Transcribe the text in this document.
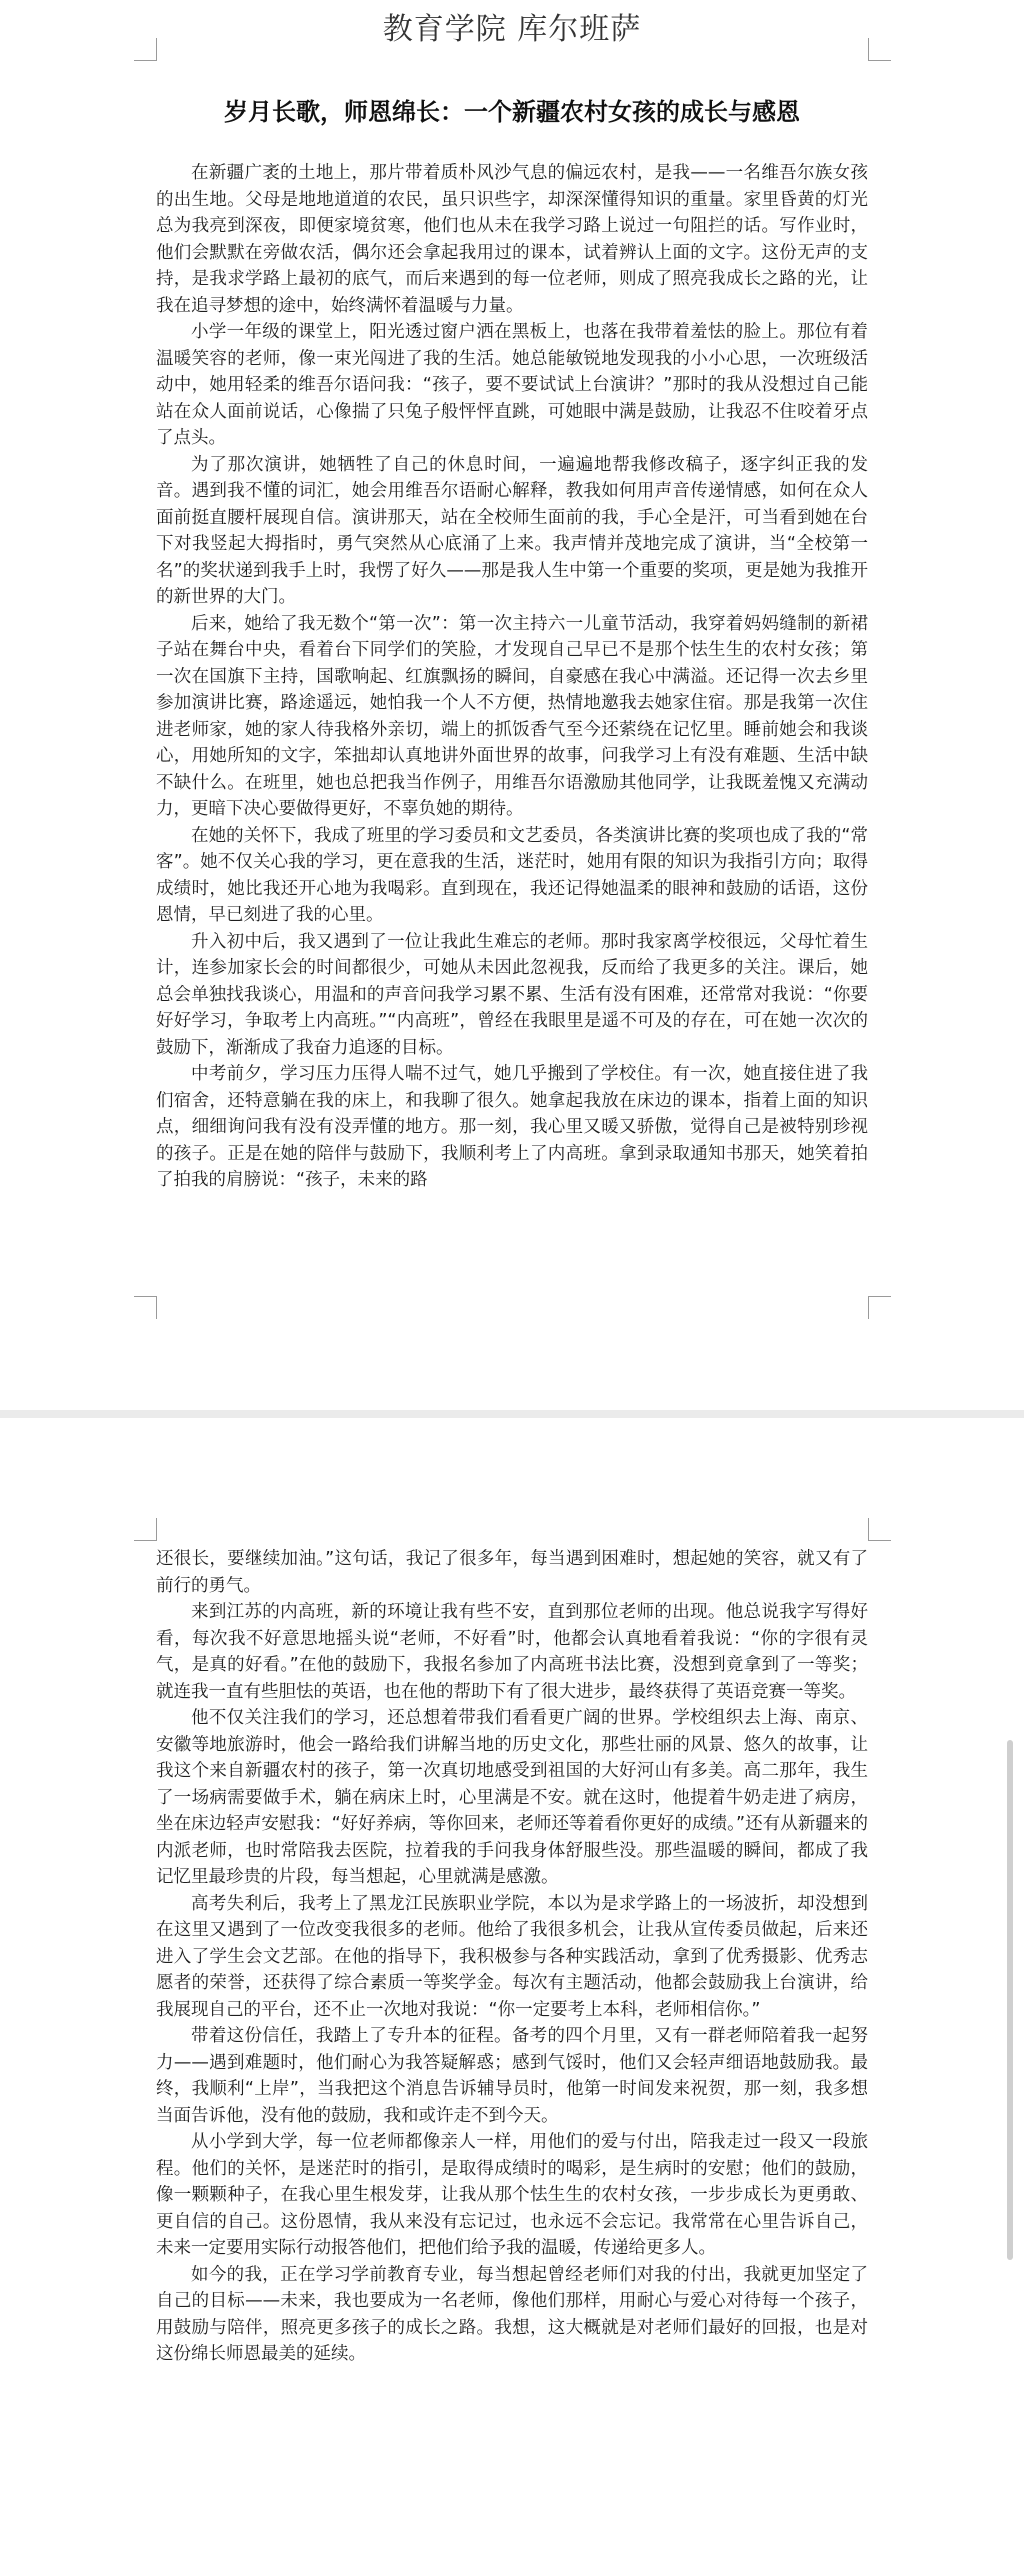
教育学院 库尔班萨
岁月长歌，师恩绵长：一个新疆农村女孩的成长与感恩

在新疆广袤的土地上，那片带着质朴风沙气息的偏远农村，是我——一名维吾尔族女孩的出生地。父母是地地道道的农民，虽只识些字，却深深懂得知识的重量。家里昏黄的灯光总为我亮到深夜，即便家境贫寒，他们也从未在我学习路上说过一句阻拦的话。写作业时，他们会默默在旁做农活，偶尔还会拿起我用过的课本，试着辨认上面的文字。这份无声的支持，是我求学路上最初的底气，而后来遇到的每一位老师，则成了照亮我成长之路的光，让我在追寻梦想的途中，始终满怀着温暖与力量。

小学一年级的课堂上，阳光透过窗户洒在黑板上，也落在我带着羞怯的脸上。那位有着温暖笑容的老师，像一束光闯进了我的生活。她总能敏锐地发现我的小小心思，一次班级活动中，她用轻柔的维吾尔语问我：“孩子，要不要试试上台演讲？”那时的我从没想过自己能站在众人面前说话，心像揣了只兔子般怦怦直跳，可她眼中满是鼓励，让我忍不住咬着牙点了点头。

为了那次演讲，她牺牲了自己的休息时间，一遍遍地帮我修改稿子，逐字纠正我的发音。遇到我不懂的词汇，她会用维吾尔语耐心解释，教我如何用声音传递情感，如何在众人面前挺直腰杆展现自信。演讲那天，站在全校师生面前的我，手心全是汗，可当看到她在台下对我竖起大拇指时，勇气突然从心底涌了上来。我声情并茂地完成了演讲，当“全校第一名”的奖状递到我手上时，我愣了好久——那是我人生中第一个重要的奖项，更是她为我推开的新世界的大门。

后来，她给了我无数个“第一次”：第一次主持六一儿童节活动，我穿着妈妈缝制的新裙子站在舞台中央，看着台下同学们的笑脸，才发现自己早已不是那个怯生生的农村女孩；第一次在国旗下主持，国歌响起、红旗飘扬的瞬间，自豪感在我心中满溢。还记得一次去乡里参加演讲比赛，路途遥远，她怕我一个人不方便，热情地邀我去她家住宿。那是我第一次住进老师家，她的家人待我格外亲切，端上的抓饭香气至今还萦绕在记忆里。睡前她会和我谈心，用她所知的文字，笨拙却认真地讲外面世界的故事，问我学习上有没有难题、生活中缺不缺什么。在班里，她也总把我当作例子，用维吾尔语激励其他同学，让我既羞愧又充满动力，更暗下决心要做得更好，不辜负她的期待。

在她的关怀下，我成了班里的学习委员和文艺委员，各类演讲比赛的奖项也成了我的“常客”。她不仅关心我的学习，更在意我的生活，迷茫时，她用有限的知识为我指引方向；取得成绩时，她比我还开心地为我喝彩。直到现在，我还记得她温柔的眼神和鼓励的话语，这份恩情，早已刻进了我的心里。

升入初中后，我又遇到了一位让我此生难忘的老师。那时我家离学校很远，父母忙着生计，连参加家长会的时间都很少，可她从未因此忽视我，反而给了我更多的关注。课后，她总会单独找我谈心，用温和的声音问我学习累不累、生活有没有困难，还常常对我说：“你要好好学习，争取考上内高班。”“内高班”，曾经在我眼里是遥不可及的存在，可在她一次次的鼓励下，渐渐成了我奋力追逐的目标。

中考前夕，学习压力压得人喘不过气，她几乎搬到了学校住。有一次，她直接住进了我们宿舍，还特意躺在我的床上，和我聊了很久。她拿起我放在床边的课本，指着上面的知识点，细细询问我有没有没弄懂的地方。那一刻，我心里又暖又骄傲，觉得自己是被特别珍视的孩子。正是在她的陪伴与鼓励下，我顺利考上了内高班。拿到录取通知书那天，她笑着拍了拍我的肩膀说：“孩子，未来的路

还很长，要继续加油。”这句话，我记了很多年，每当遇到困难时，想起她的笑容，就又有了前行的勇气。

来到江苏的内高班，新的环境让我有些不安，直到那位老师的出现。他总说我字写得好看，每次我不好意思地摇头说“老师，不好看”时，他都会认真地看着我说：“你的字很有灵气，是真的好看。”在他的鼓励下，我报名参加了内高班书法比赛，没想到竟拿到了一等奖；就连我一直有些胆怯的英语，也在他的帮助下有了很大进步，最终获得了英语竞赛一等奖。

他不仅关注我们的学习，还总想着带我们看看更广阔的世界。学校组织去上海、南京、安徽等地旅游时，他会一路给我们讲解当地的历史文化，那些壮丽的风景、悠久的故事，让我这个来自新疆农村的孩子，第一次真切地感受到祖国的大好河山有多美。高二那年，我生了一场病需要做手术，躺在病床上时，心里满是不安。就在这时，他提着牛奶走进了病房，坐在床边轻声安慰我：“好好养病，等你回来，老师还等着看你更好的成绩。”还有从新疆来的内派老师，也时常陪我去医院，拉着我的手问我身体舒服些没。那些温暖的瞬间，都成了我记忆里最珍贵的片段，每当想起，心里就满是感激。

高考失利后，我考上了黑龙江民族职业学院，本以为是求学路上的一场波折，却没想到在这里又遇到了一位改变我很多的老师。他给了我很多机会，让我从宣传委员做起，后来还进入了学生会文艺部。在他的指导下，我积极参与各种实践活动，拿到了优秀摄影、优秀志愿者的荣誉，还获得了综合素质一等奖学金。每次有主题活动，他都会鼓励我上台演讲，给我展现自己的平台，还不止一次地对我说：“你一定要考上本科，老师相信你。”

带着这份信任，我踏上了专升本的征程。备考的四个月里，又有一群老师陪着我一起努力——遇到难题时，他们耐心为我答疑解惑；感到气馁时，他们又会轻声细语地鼓励我。最终，我顺利“上岸”，当我把这个消息告诉辅导员时，他第一时间发来祝贺，那一刻，我多想当面告诉他，没有他的鼓励，我和或许走不到今天。

从小学到大学，每一位老师都像亲人一样，用他们的爱与付出，陪我走过一段又一段旅程。他们的关怀，是迷茫时的指引，是取得成绩时的喝彩，是生病时的安慰；他们的鼓励，像一颗颗种子，在我心里生根发芽，让我从那个怯生生的农村女孩，一步步成长为更勇敢、更自信的自己。这份恩情，我从来没有忘记过，也永远不会忘记。我常常在心里告诉自己，未来一定要用实际行动报答他们，把他们给予我的温暖，传递给更多人。

如今的我，正在学习学前教育专业，每当想起曾经老师们对我的付出，我就更加坚定了自己的目标——未来，我也要成为一名老师，像他们那样，用耐心与爱心对待每一个孩子，用鼓励与陪伴，照亮更多孩子的成长之路。我想，这大概就是对老师们最好的回报，也是对这份绵长师恩最美的延续。
